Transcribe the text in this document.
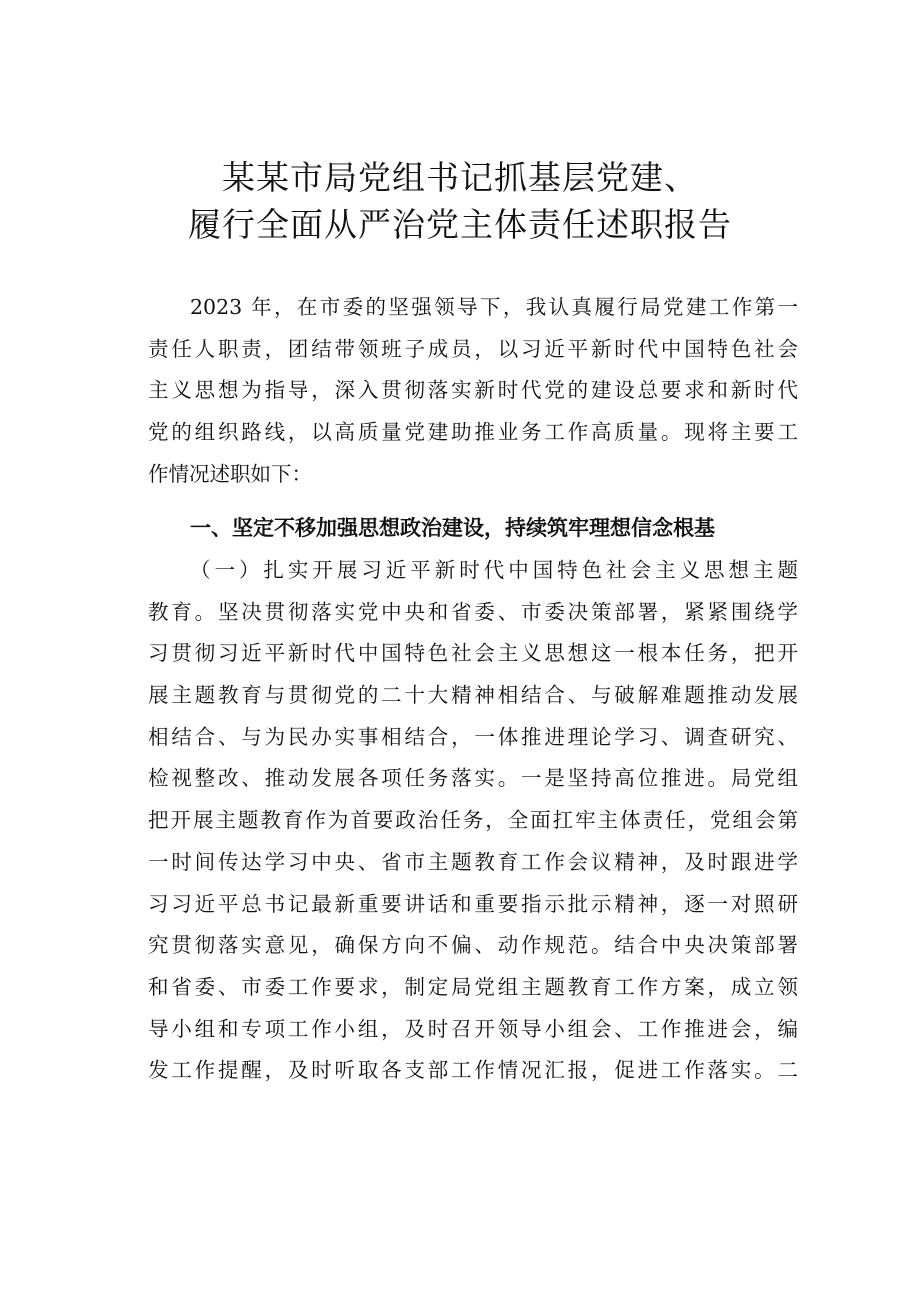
某某市局党组书记抓基层党建、
履行全面从严治党主体责任述职报告
2023 年，在市委的坚强领导下，我认真履行局党建工作第一
责任人职责，团结带领班子成员，以习近平新时代中国特色社会
主义思想为指导，深入贯彻落实新时代党的建设总要求和新时代
党的组织路线，以高质量党建助推业务工作高质量。现将主要工
作情况述职如下：
一、坚定不移加强思想政治建设，持续筑牢理想信念根基
（一）扎实开展习近平新时代中国特色社会主义思想主题
教育。坚决贯彻落实党中央和省委、市委决策部署，紧紧围绕学
习贯彻习近平新时代中国特色社会主义思想这一根本任务，把开
展主题教育与贯彻党的二十大精神相结合、与破解难题推动发展
相结合、与为民办实事相结合，一体推进理论学习、调查研究、
检视整改、推动发展各项任务落实。一是坚持高位推进。局党组
把开展主题教育作为首要政治任务，全面扛牢主体责任，党组会第
一时间传达学习中央、省市主题教育工作会议精神，及时跟进学
习习近平总书记最新重要讲话和重要指示批示精神，逐一对照研
究贯彻落实意见，确保方向不偏、动作规范。结合中央决策部署
和省委、市委工作要求，制定局党组主题教育工作方案，成立领
导小组和专项工作小组，及时召开领导小组会、工作推进会，编
发工作提醒，及时听取各支部工作情况汇报，促进工作落实。二
